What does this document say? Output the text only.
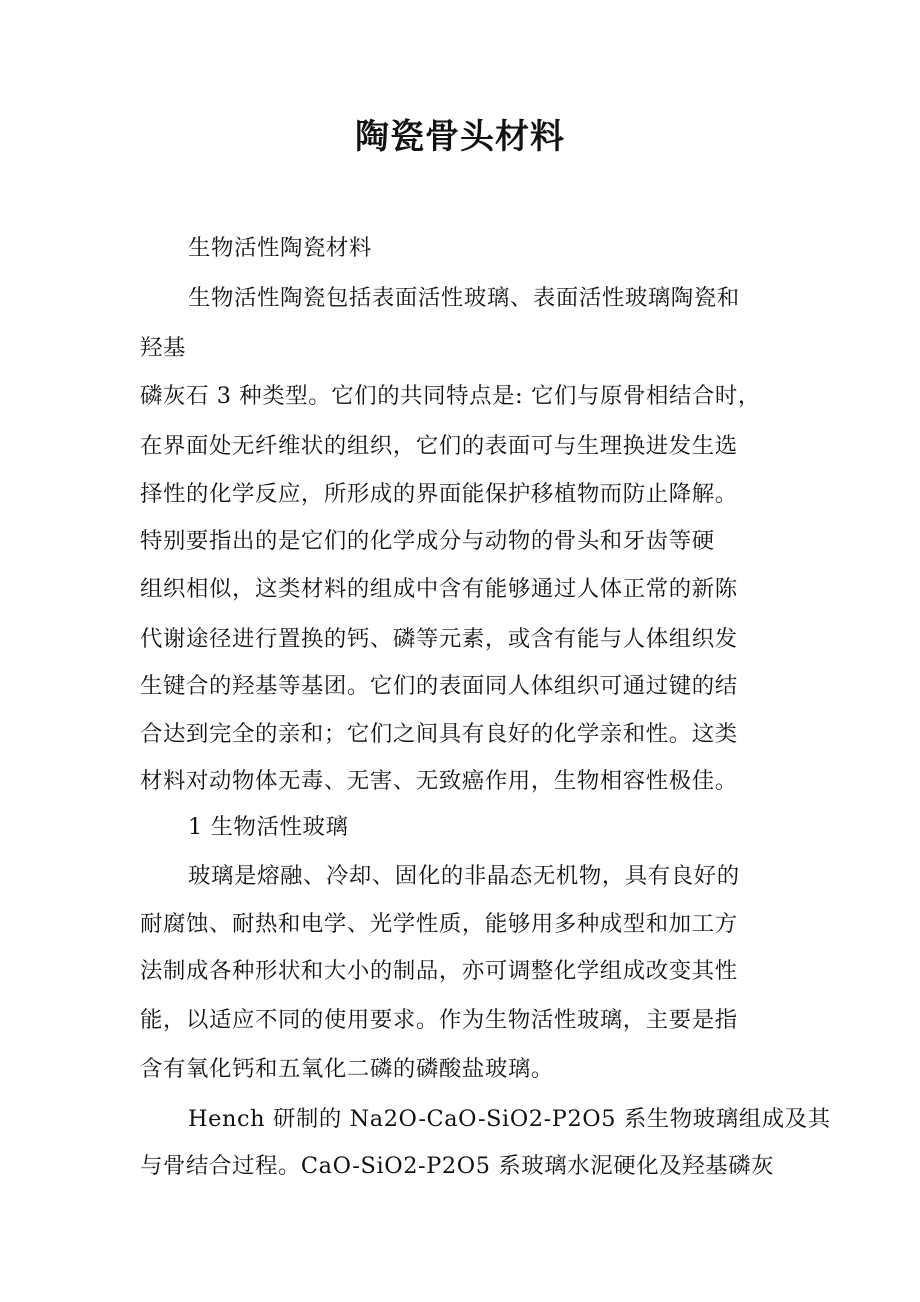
陶瓷骨头材料
生物活性陶瓷材料
生物活性陶瓷包括表面活性玻璃、表面活性玻璃陶瓷和
羟基
磷灰石 3 种类型。它们的共同特点是: 它们与原骨相结合时，
在界面处无纤维状的组织，它们的表面可与生理换进发生选
择性的化学反应，所形成的界面能保护移植物而防止降解。
特别要指出的是它们的化学成分与动物的骨头和牙齿等硬
组织相似，这类材料的组成中含有能够通过人体正常的新陈
代谢途径进行置换的钙、磷等元素，或含有能与人体组织发
生键合的羟基等基团。它们的表面同人体组织可通过键的结
合达到完全的亲和；它们之间具有良好的化学亲和性。这类
材料对动物体无毒、无害、无致癌作用，生物相容性极佳。
1 生物活性玻璃
玻璃是熔融、冷却、固化的非晶态无机物，具有良好的
耐腐蚀、耐热和电学、光学性质，能够用多种成型和加工方
法制成各种形状和大小的制品，亦可调整化学组成改变其性
能，以适应不同的使用要求。作为生物活性玻璃，主要是指
含有氧化钙和五氧化二磷的磷酸盐玻璃。
Hench 研制的 Na2O-CaO-SiO2-P2O5 系生物玻璃组成及其
与骨结合过程。CaO-SiO2-P2O5 系玻璃水泥硬化及羟基磷灰
